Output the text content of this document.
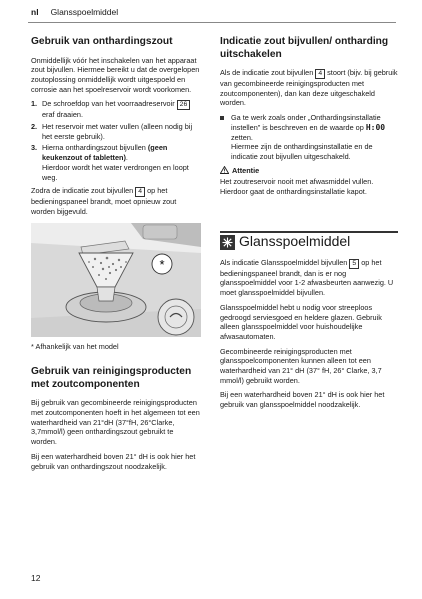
nl Glansspoelmiddel
Gebruik van onthardingszout

Onmiddellijk vóór het inschakelen van het apparaat zout bijvullen. Hiermee bereikt u dat de overgelopen zoutoplossing onmiddellijk wordt uitgespoeld en corrosie aan het spoelreservoir wordt voorkomen.

1. De schroefdop van het voorraadreservoir 26 eraf draaien.
2. Het reservoir met water vullen (alleen nodig bij het eerste gebruik).
3. Hierna onthardingszout bijvullen (geen keukenzout of tabletten).
Hierdoor wordt het water verdrongen en loopt weg.

Zodra de indicatie zout bijvullen 4 op het bedieningspaneel brandt, moet opnieuw zout worden bijgevuld.

*

* Afhankelijk van het model

Gebruik van reinigingsproducten met zoutcomponenten

Bij gebruik van gecombineerde reinigingsproducten met zoutcomponenten hoeft in het algemeen tot een waterhardheid van 21°dH (37°fH, 26°Clarke, 3,7mmol/l) geen onthardingszout gebruikt te worden.

Bij een waterhardheid boven 21° dH is ook hier het gebruik van onthardingszout noodzakelijk.

Indicatie zout bijvullen/ ontharding uitschakelen

Als de indicatie zout bijvullen 4 stoort (bijv. bij gebruik van gecombineerde reinigingsproducten met zoutcomponenten), dan kan deze uitgeschakeld worden.

Ga te werk zoals onder „Onthardingsinstallatie instellen" is beschreven en de waarde op H:00
zetten.
Hiermee zijn de onthardingsinstallatie en de indicatie zout bijvullen uitgeschakeld.
Attentie

Het zoutreservoir nooit met afwasmiddel vullen. Hierdoor gaat de onthardingsinstallatie kapot.

Glansspoelmiddel

Als indicatie Glansspoelmiddel bijvullen 5 op het bedieningspaneel brandt, dan is er nog glansspoelmiddel voor 1-2 afwasbeurten aanwezig. U moet glansspoelmiddel bijvullen.

Glansspoelmiddel hebt u nodig voor streeploos gedroogd serviesgoed en heldere glazen. Gebruik alleen glansspoelmiddel voor huishoudelijke afwasautomaten.

Gecombineerde reinigingsproducten met glansspoelcomponenten kunnen alleen tot een waterhardheid van 21° dH (37° fH, 26° Clarke, 3,7 mmol/l) gebruikt worden.

Bij een waterhardheid boven 21° dH is ook hier het gebruik van glansspoelmiddel noodzakelijk.

12
